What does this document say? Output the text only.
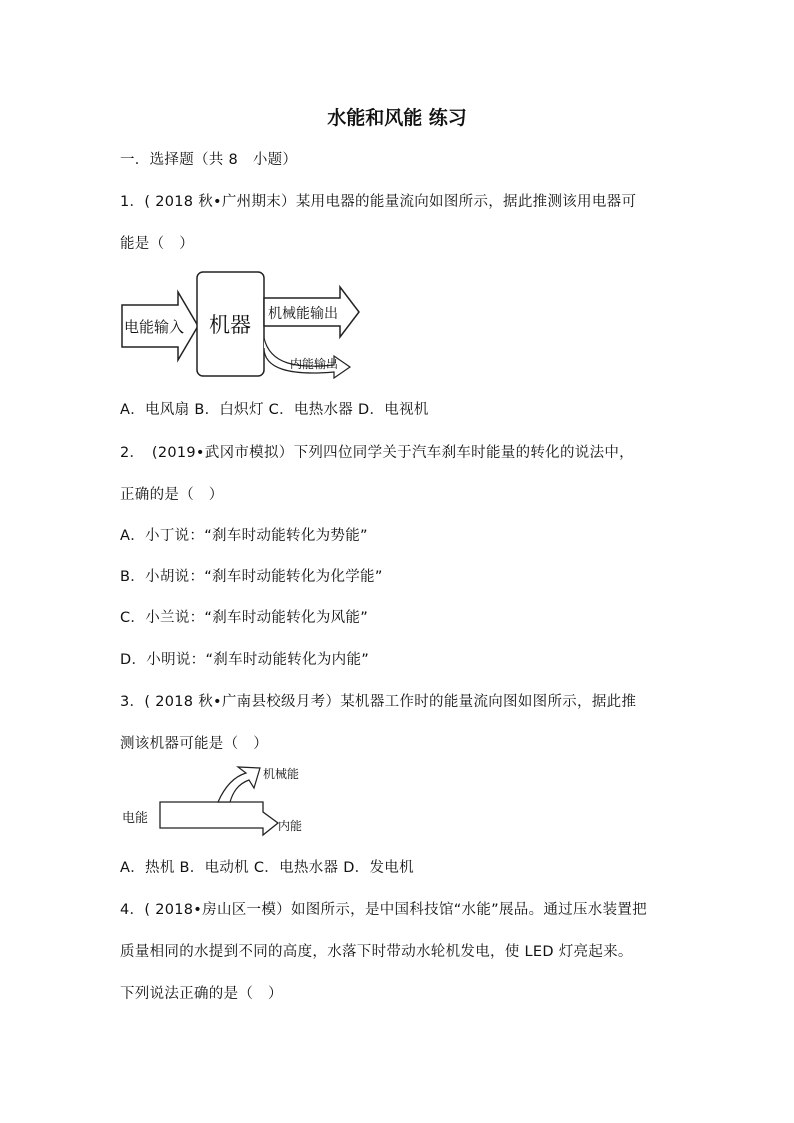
水能和风能 练习
一．选择题（共 8　小题）
1．( 2018 秋•广州期末）某用电器的能量流向如图所示，据此推测该用电器可
能是（　）
电能输入 机器 机械能输出
内能输出
A．电风扇 B．白炽灯 C．电热水器 D．电视机
2．　(2019•武冈市模拟）下列四位同学关于汽车刹车时能量的转化的说法中，
正确的是（　）
A．小丁说：“刹车时动能转化为势能”
B．小胡说：“刹车时动能转化为化学能”
C．小兰说：“刹车时动能转化为风能”
D．小明说：“刹车时动能转化为内能”
3．( 2018 秋•广南县校级月考）某机器工作时的能量流向图如图所示，据此推
测该机器可能是（　）
电能
机械能
内能
A．热机 B．电动机 C．电热水器 D．发电机
4．( 2018•房山区一模）如图所示，是中国科技馆“水能”展品。通过压水装置把
质量相同的水提到不同的高度，水落下时带动水轮机发电，使 LED 灯亮起来。
下列说法正确的是（　）
